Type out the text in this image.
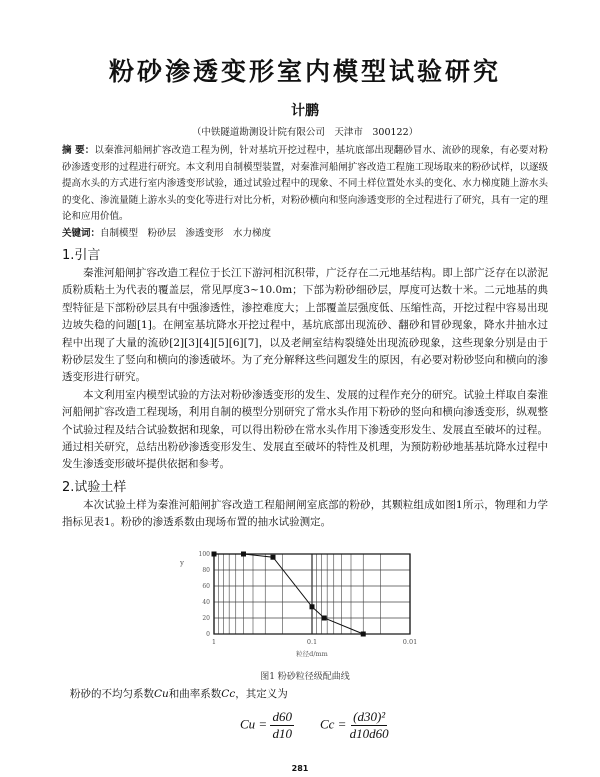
粉砂渗透变形室内模型试验研究
计鹏
（中铁隧道勘测设计院有限公司　天津市　300122）
摘 要：以秦淮河船闸扩容改造工程为例，针对基坑开挖过程中，基坑底部出现翻砂冒水、流砂的现象，有必要对粉砂渗透变形的过程进行研究。本文利用自制模型装置，对秦淮河船闸扩容改造工程施工现场取来的粉砂试样，以逐级提高水头的方式进行室内渗透变形试验，通过试验过程中的现象、不同土样位置处水头的变化、水力梯度随上游水头的变化、渗流量随上游水头的变化等进行对比分析，对粉砂横向和竖向渗透变形的全过程进行了研究，具有一定的理论和应用价值。
关键词：自制模型　粉砂层　渗透变形　水力梯度
1.引言
秦淮河船闸扩容改造工程位于长江下游河相沉积带，广泛存在二元地基结构。即上部广泛存在以淤泥质粉质粘土为代表的覆盖层，常见厚度3~10.0m；下部为粉砂细砂层，厚度可达数十米。二元地基的典型特征是下部粉砂层具有中强渗透性，渗控难度大；上部覆盖层强度低、压缩性高，开挖过程中容易出现边坡失稳的问题[1]。在闸室基坑降水开挖过程中，基坑底部出现流砂、翻砂和冒砂现象，降水井抽水过程中出现了大量的流砂[2][3][4][5][6][7]，以及老闸室结构裂缝处出现流砂现象，这些现象分别是由于粉砂层发生了竖向和横向的渗透破坏。为了充分解释这些问题发生的原因，有必要对粉砂竖向和横向的渗透变形进行研究。
本文利用室内模型试验的方法对粉砂渗透变形的发生、发展的过程作充分的研究。试验土样取自秦淮河船闸扩容改造工程现场，利用自制的模型分别研究了常水头作用下粉砂的竖向和横向渗透变形，纵观整个试验过程及结合试验数据和现象，可以得出粉砂在常水头作用下渗透变形发生、发展直至破坏的过程。通过相关研究，总结出粉砂渗透变形发生、发展直至破坏的特性及机理，为预防粉砂地基基坑降水过程中发生渗透变形破坏提供依据和参考。
2.试验土样
本次试验土样为秦淮河船闸扩容改造工程船闸闸室底部的粉砂，其颗粒组成如图1所示，物理和力学指标见表1。粉砂的渗透系数由现场布置的抽水试验测定。
0
20
40
60
80
100
1	0.1	0.01
粒径d/mm
y
图1 粉砂粒径级配曲线
粉砂的不均匀系数Cu和曲率系数Cc，其定义为
$Cu = \frac{d60}{d10}$ $Cc = \frac{\text{(d30)²}}{d10d60}$
281
